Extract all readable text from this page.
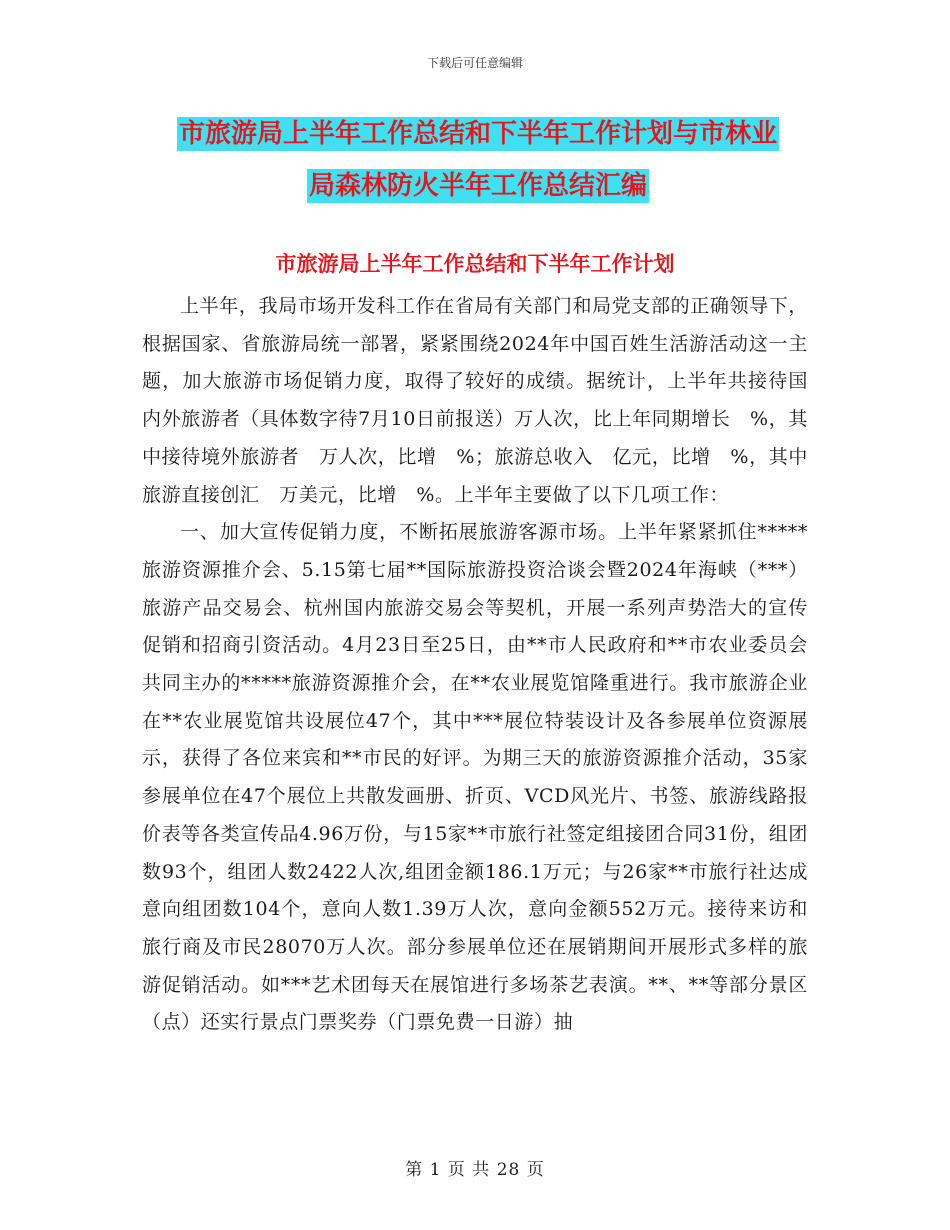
下载后可任意编辑
市旅游局上半年工作总结和下半年工作计划与市林业
局森林防火半年工作总结汇编
市旅游局上半年工作总结和下半年工作计划

上半年，我局市场开发科工作在省局有关部门和局党支部的正确领导下，根据国家、省旅游局统一部署，紧紧围绕2024年中国百姓生活游活动这一主题，加大旅游市场促销力度，取得了较好的成绩。据统计，上半年共接待国内外旅游者（具体数字待7月10日前报送）万人次，比上年同期增长　%，其中接待境外旅游者　万人次，比增　%；旅游总收入　亿元，比增　%，其中旅游直接创汇　万美元，比增　%。上半年主要做了以下几项工作：

一、加大宣传促销力度，不断拓展旅游客源市场。上半年紧紧抓住*****旅游资源推介会、5.15第七届**国际旅游投资洽谈会暨2024年海峡（***）旅游产品交易会、杭州国内旅游交易会等契机，开展一系列声势浩大的宣传促销和招商引资活动。4月23日至25日，由**市人民政府和**市农业委员会共同主办的*****旅游资源推介会，在**农业展览馆隆重进行。我市旅游企业在**农业展览馆共设展位47个，其中***展位特装设计及各参展单位资源展示，获得了各位来宾和**市民的好评。为期三天的旅游资源推介活动，35家参展单位在47个展位上共散发画册、折页、VCD风光片、书签、旅游线路报价表等各类宣传品4.96万份，与15家**市旅行社签定组接团合同31份，组团数93个，组团人数2422人次,组团金额186.1万元；与26家**市旅行社达成意向组团数104个，意向人数1.39万人次，意向金额552万元。接待来访和旅行商及市民28070万人次。部分参展单位还在展销期间开展形式多样的旅游促销活动。如***艺术团每天在展馆进行多场茶艺表演。**、**等部分景区（点）还实行景点门票奖券（门票免费一日游）抽

第 1 页 共 28 页
